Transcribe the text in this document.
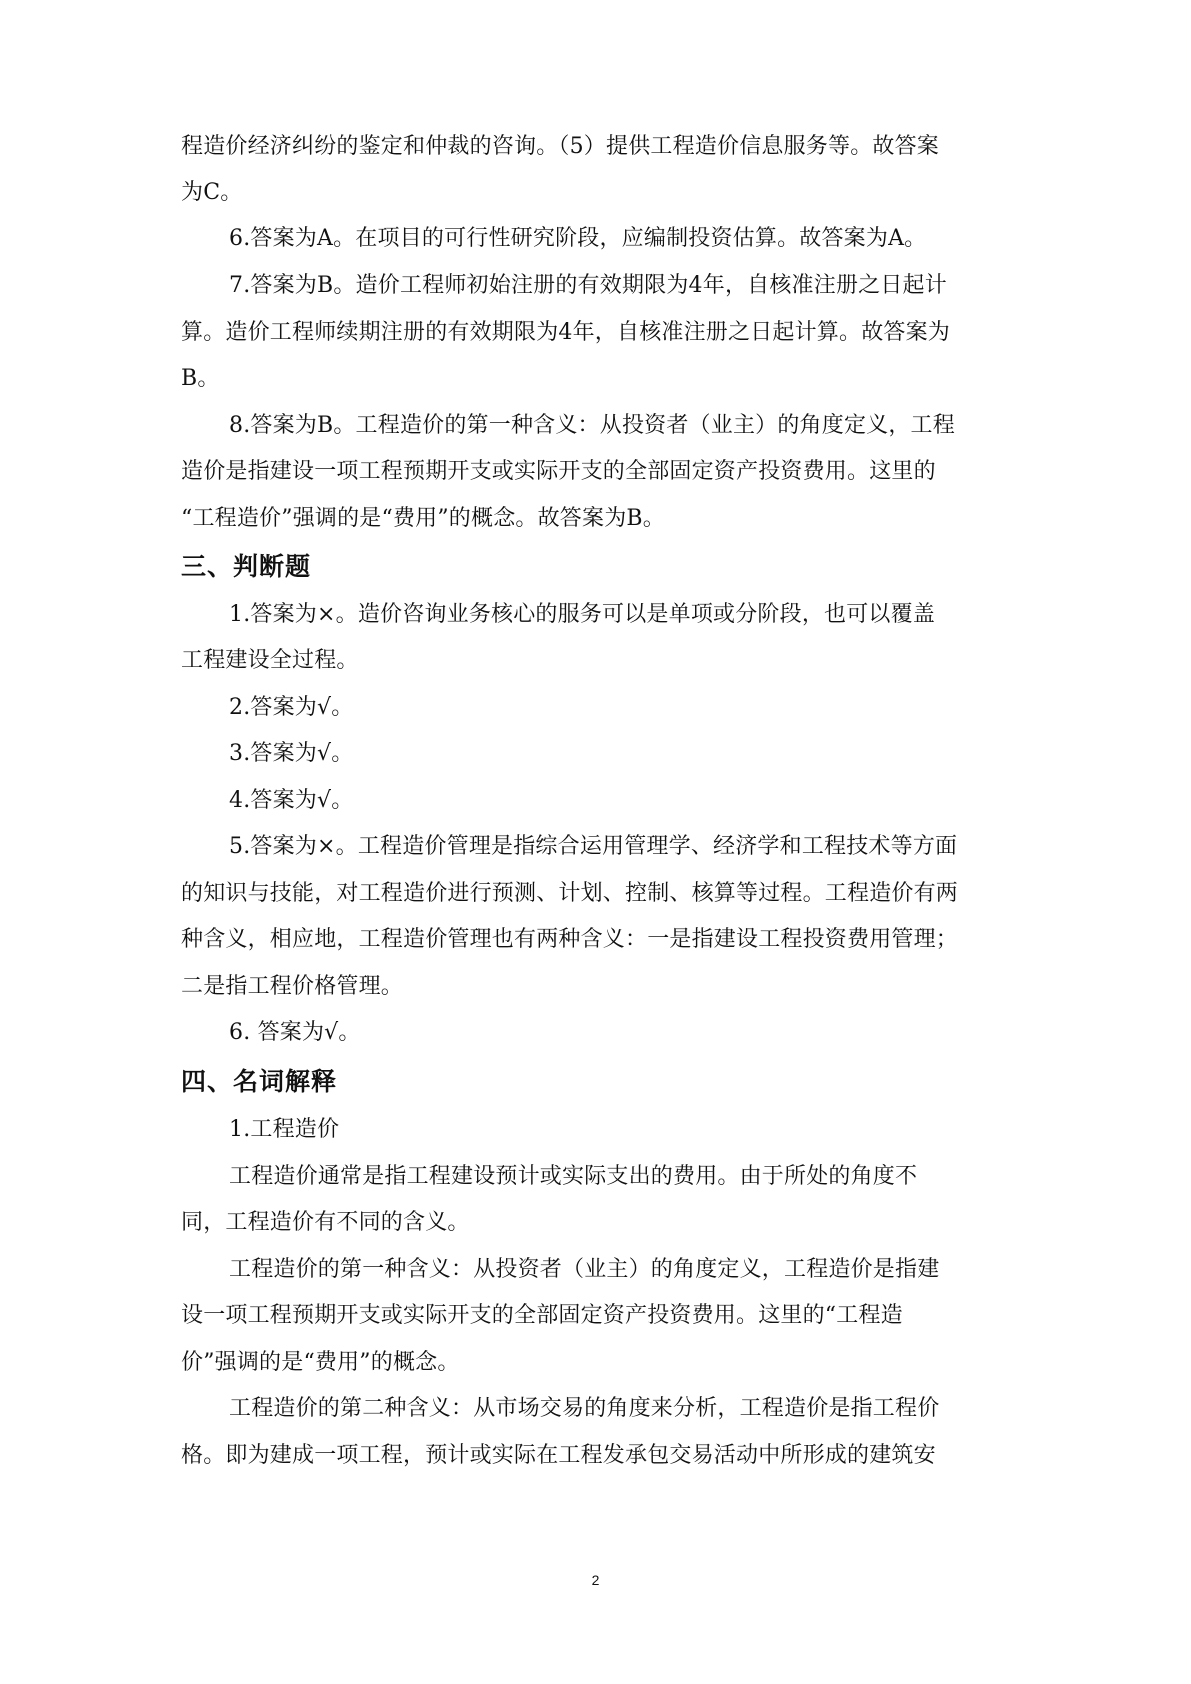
程造价经济纠纷的鉴定和仲裁的咨询。（5）提供工程造价信息服务等。故答案
为C。
6.答案为A。在项目的可行性研究阶段，应编制投资估算。故答案为A。
7.答案为B。造价工程师初始注册的有效期限为4年，自核准注册之日起计
算。造价工程师续期注册的有效期限为4年，自核准注册之日起计算。故答案为
B。
8.答案为B。工程造价的第一种含义：从投资者（业主）的角度定义，工程
造价是指建设一项工程预期开支或实际开支的全部固定资产投资费用。这里的
“工程造价”强调的是“费用”的概念。故答案为B。
三、判断题
1.答案为×。造价咨询业务核心的服务可以是单项或分阶段，也可以覆盖
工程建设全过程。
2.答案为√。
3.答案为√。
4.答案为√。
5.答案为×。工程造价管理是指综合运用管理学、经济学和工程技术等方面
的知识与技能，对工程造价进行预测、计划、控制、核算等过程。工程造价有两
种含义，相应地，工程造价管理也有两种含义：一是指建设工程投资费用管理；
二是指工程价格管理。
6. 答案为√。
四、名词解释
1.工程造价
工程造价通常是指工程建设预计或实际支出的费用。由于所处的角度不
同，工程造价有不同的含义。
工程造价的第一种含义：从投资者（业主）的角度定义，工程造价是指建
设一项工程预期开支或实际开支的全部固定资产投资费用。这里的“工程造
价”强调的是“费用”的概念。
工程造价的第二种含义：从市场交易的角度来分析，工程造价是指工程价
格。即为建成一项工程，预计或实际在工程发承包交易活动中所形成的建筑安
2
